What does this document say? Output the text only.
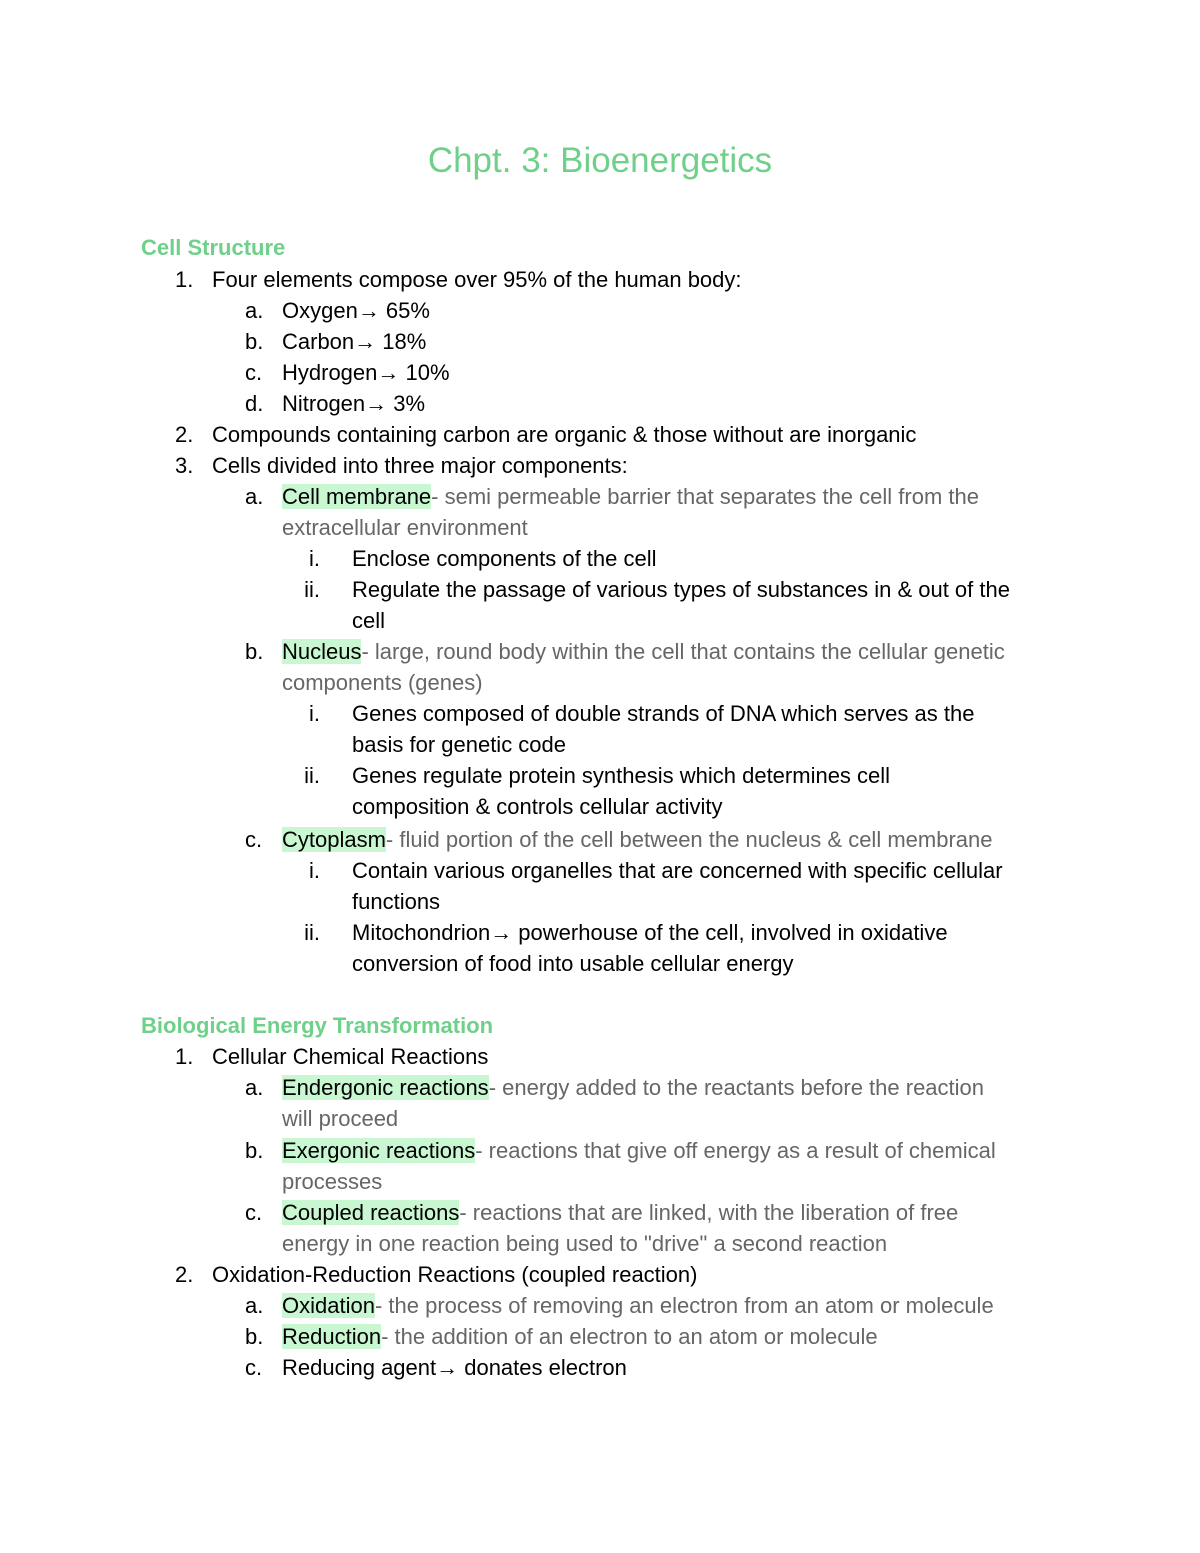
Chpt. 3: Bioenergetics
Cell Structure
1. Four elements compose over 95% of the human body:
a. Oxygen→ 65%
b. Carbon→ 18%
c. Hydrogen→ 10%
d. Nitrogen→ 3%
2. Compounds containing carbon are organic & those without are inorganic
3. Cells divided into three major components:
a. Cell membrane- semi permeable barrier that separates the cell from the
extracellular environment
i. Enclose components of the cell
ii. Regulate the passage of various types of substances in & out of the
cell
b. Nucleus- large, round body within the cell that contains the cellular genetic
components (genes)
i. Genes composed of double strands of DNA which serves as the
basis for genetic code
ii. Genes regulate protein synthesis which determines cell
composition & controls cellular activity
c. Cytoplasm- fluid portion of the cell between the nucleus & cell membrane
i. Contain various organelles that are concerned with specific cellular
functions
ii. Mitochondrion→ powerhouse of the cell, involved in oxidative
conversion of food into usable cellular energy
Biological Energy Transformation
1. Cellular Chemical Reactions
a. Endergonic reactions- energy added to the reactants before the reaction
will proceed
b. Exergonic reactions- reactions that give off energy as a result of chemical
processes
c. Coupled reactions- reactions that are linked, with the liberation of free
energy in one reaction being used to "drive" a second reaction
2. Oxidation-Reduction Reactions (coupled reaction)
a. Oxidation- the process of removing an electron from an atom or molecule
b. Reduction- the addition of an electron to an atom or molecule
c. Reducing agent→ donates electron
